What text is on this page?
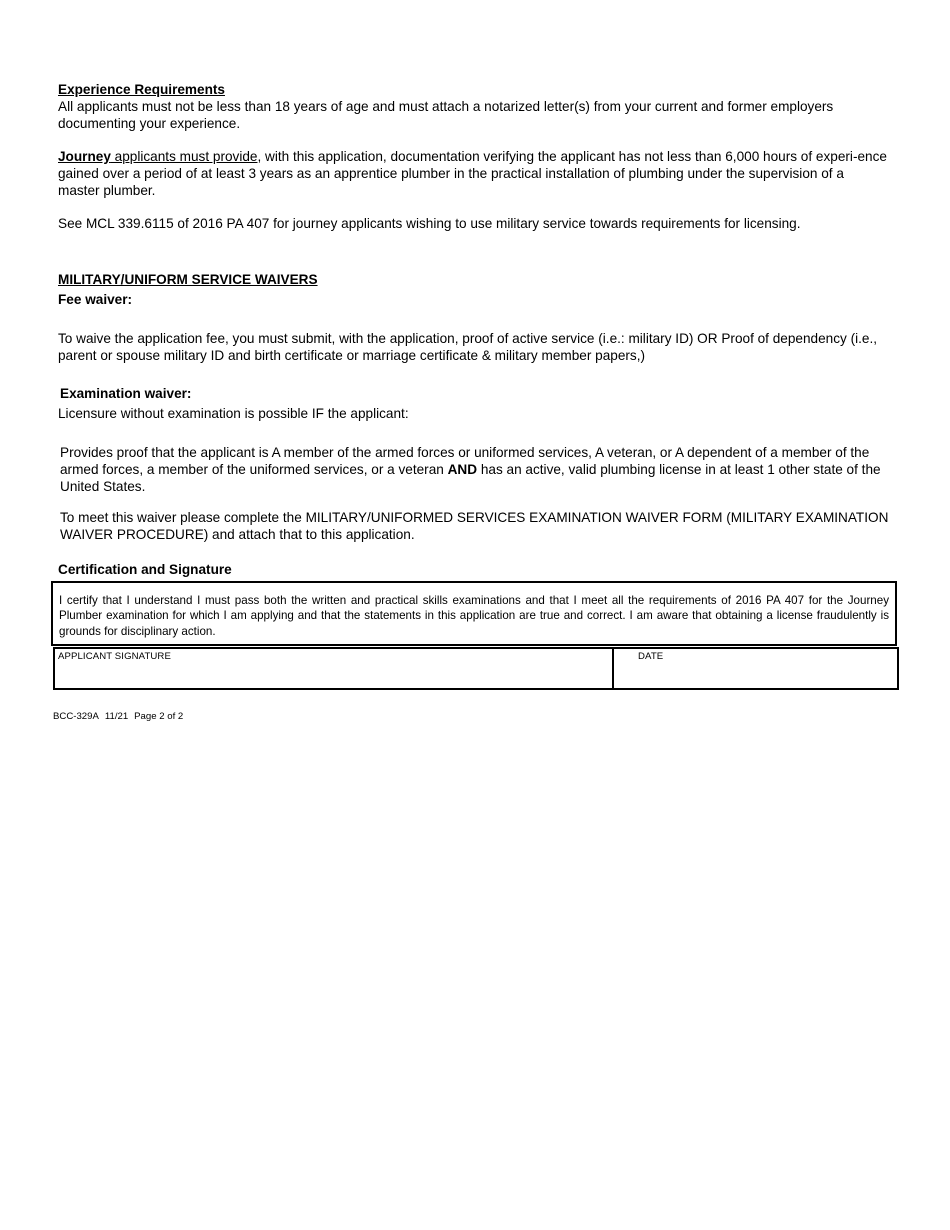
Experience Requirements

All applicants must not be less than 18 years of age and must attach a notarized letter(s) from your current and former employers documenting your experience.

Journey applicants must provide, with this application, documentation verifying the applicant has not less than 6,000 hours of experi-ence gained over a period of at least 3 years as an apprentice plumber in the practical installation of plumbing under the supervision of a master plumber.

See MCL 339.6115 of 2016 PA 407 for journey applicants wishing to use military service towards requirements for licensing.

MILITARY/UNIFORM SERVICE WAIVERS
Fee waiver:

To waive the application fee, you must submit, with the application, proof of active service (i.e.: military ID) OR Proof of dependency (i.e., parent or spouse military ID and birth certificate or marriage certificate & military member papers,)

Examination waiver:

Licensure without examination is possible IF the applicant:

Provides proof that the applicant is A member of the armed forces or uniformed services, A veteran, or A dependent of a member of the armed forces, a member of the uniformed services, or a veteran AND has an active, valid plumbing license in at least 1 other state of the United States.

To meet this waiver please complete the MILITARY/UNIFORMED SERVICES EXAMINATION WAIVER FORM (MILITARY EXAMINATION WAIVER PROCEDURE) and attach that to this application.

Certification and Signature
I certify that I understand I must pass both the written and practical skills examinations and that I meet all the requirements of 2016 PA 407 for the Journey Plumber examination for which I am applying and that the statements in this application are true and correct. I am aware that obtaining a license fraudulently is grounds for disciplinary action.
APPLICANT SIGNATURE	DATE
BCC-329A 11/21 Page 2 of 2
